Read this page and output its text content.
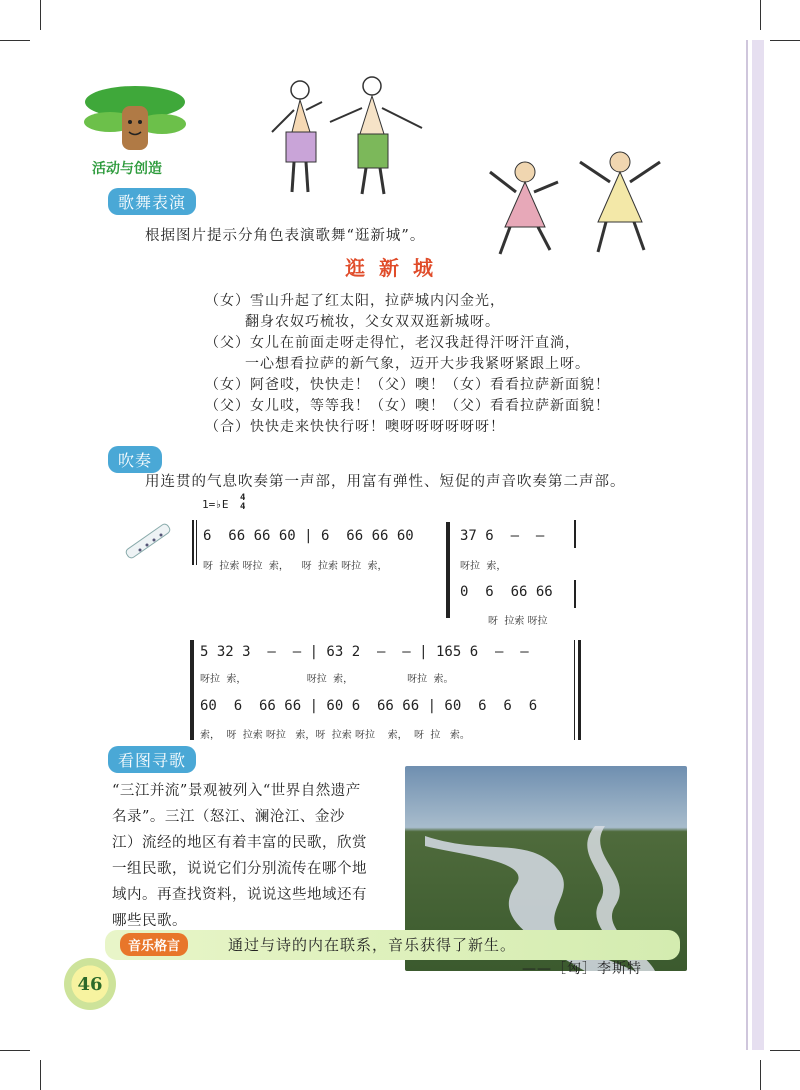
活动与创造
歌舞表演
根据图片提示分角色表演歌舞“逛新城”。
逛新城
（女）雪山升起了红太阳，拉萨城内闪金光，
翻身农奴巧梳妆，父女双双逛新城呀。
（父）女儿在前面走呀走得忙，老汉我赶得汗呀汗直淌，
一心想看拉萨的新气象，迈开大步我紧呀紧跟上呀。
（女）阿爸哎，快快走！（父）噢！（女）看看拉萨新面貌！
（父）女儿哎，等等我！（女）噢！（父）看看拉萨新面貌！
（合）快快走来快快行呀！噢呀呀呀呀呀呀！
吹奏
用连贯的气息吹奏第一声部，用富有弹性、短促的声音吹奏第二声部。
1=♭E 4
4
6  66 66 60 | 6  66 66 60
呀  拉索 呀拉  索，    呀  拉索 呀拉  索，
37 6  –  –
呀拉  索，
0  6  66 66
呀  拉索 呀拉
5 32 3  –  – | 63 2  –  – | 165 6  –  –
呀拉  索，                   呀拉  索，                 呀拉  索。
60  6  66 66 | 60 6  66 66 | 60  6  6  6
索，  呀  拉索 呀拉   索，呀  拉索 呀拉    索，  呀  拉   索。
看图寻歌
“三江并流”景观被列入“世界自然遗产名录”。三江（怒江、澜沧江、金沙江）流经的地区有着丰富的民歌，欣赏一组民歌，说说它们分别流传在哪个地域内。再查找资料，说说这些地域还有哪些民歌。
音乐格言	通过与诗的内在联系，音乐获得了新生。
——［匈］李斯特
46
